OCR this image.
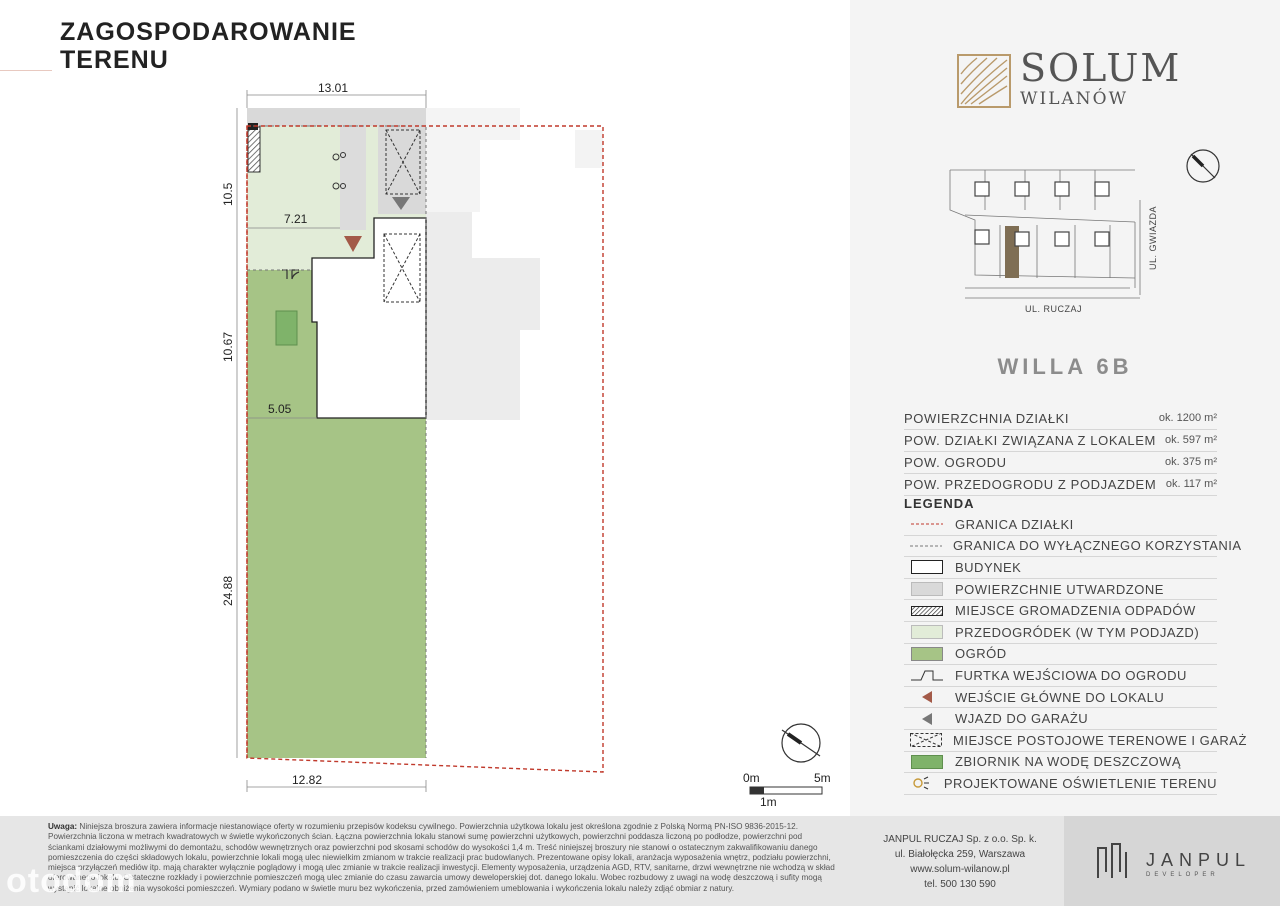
ZAGOSPODAROWANIE
TERENU
13.01
12.82
7.21
5.05
10.5
10.67
24.88
0m	5m
1m
SOLUM
WILANÓW
UL. RUCZAJ
UL. GWIAZDA
WILLA 6B
POWIERZCHNIA DZIAŁKI	ok. 1200 m²
POW. DZIAŁKI ZWIĄZANA Z LOKALEM ok. 597 m²
POW. OGRODU	ok. 375 m²
POW. PRZEDOGRODU Z PODJAZDEM ok. 117 m²
LEGENDA
GRANICA DZIAŁKI
GRANICA DO WYŁĄCZNEGO KORZYSTANIA
BUDYNEK
POWIERZCHNIE UTWARDZONE
MIEJSCE GROMADZENIA ODPADÓW
PRZEDOGRÓDEK (W TYM PODJAZD)
OGRÓD
FURTKA WEJŚCIOWA DO OGRODU
WEJŚCIE GŁÓWNE DO LOKALU
WJAZD DO GARAŻU
MIEJSCE POSTOJOWE TERENOWE I GARAŻ
ZBIORNIK NA WODĘ DESZCZOWĄ
PROJEKTOWANE OŚWIETLENIE TERENU
Uwaga: Niniejsza broszura zawiera informacje niestanowiące oferty w rozumieniu przepisów kodeksu cywilnego. Powierzchnia użytkowa lokalu jest określona zgodnie z Polską Normą PN-ISO 9836-2015-12. Powierzchnia liczona w metrach kwadratowych w świetle wykończonych ścian. Łączna powierzchnia lokalu stanowi sumę powierzchni użytkowych, powierzchni poddasza liczoną po podłodze, powierzchni pod ściankami działowymi możliwymi do demontażu, schodów wewnętrznych oraz powierzchni pod skosami schodów do wysokości 1,4 m. Treść niniejszej broszury nie stanowi o ostatecznym zakwalifikowaniu danego pomieszczenia do części składowych lokalu, powierzchnie lokali mogą ulec niewielkim zmianom w trakcie realizacji prac budowlanych. Prezentowane opisy lokali, aranżacja wyposażenia wnętrz, podziału powierzchni, miejsca przyłączeń mediów itp. mają charakter wyłącznie poglądowy i mogą ulec zmianie w trakcie realizacji inwestycji. Elementy wyposażenia, urządzenia AGD, RTV, sanitarne, drzwi wewnętrzne nie wchodzą w skład oferowanego lokalu. Ostateczne rozkłady i powierzchnie pomieszczeń mogą ulec zmianie do czasu zawarcia umowy deweloperskiej dot. danego lokalu. Wobec rozbudowy z uwagi na wodę deszczową i sufity mogą wystąpić lokalne obniżenia wysokości pomieszczeń. Wymiary podano w świetle muru bez wykończenia, przed zamówieniem umeblowania i wykończenia lokalu należy zdjąć obmiar z natury.
JANPUL RUCZAJ Sp. z o.o. Sp. k.
ul. Białołęcka 259, Warszawa
www.solum-wilanow.pl
tel. 500 130 590
JANPUL
DEVELOPER
otodom
